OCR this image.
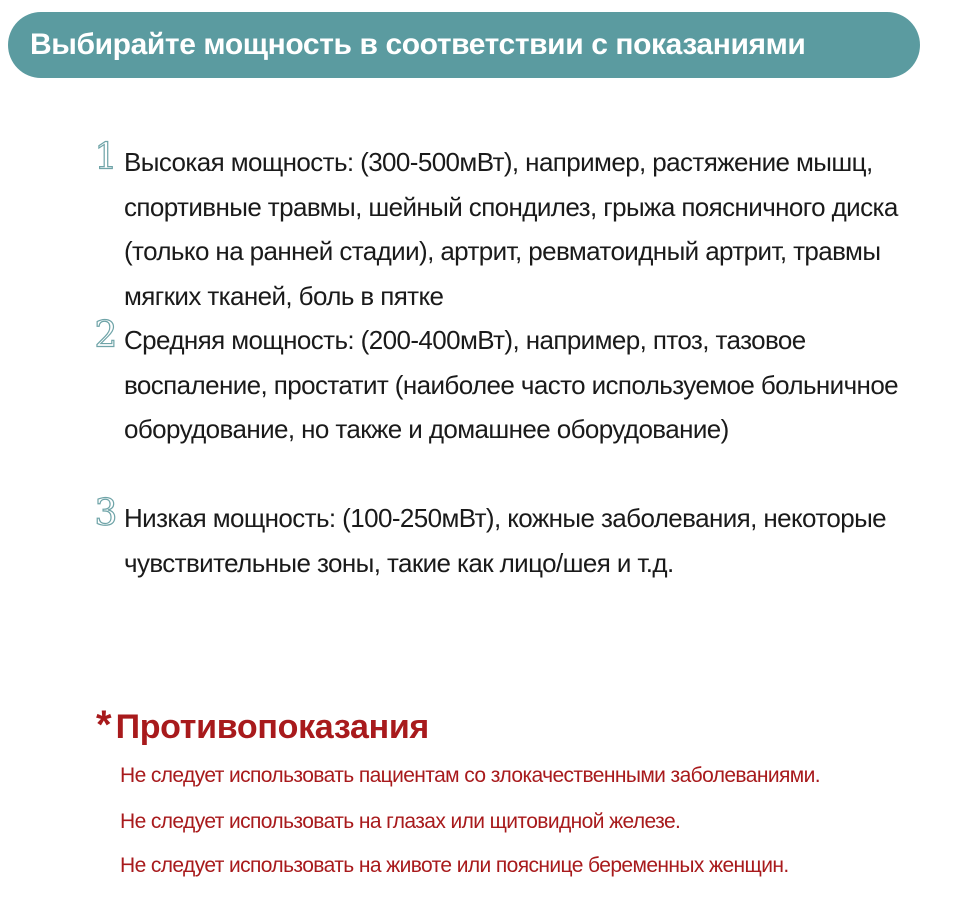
Выбирайте мощность в соответствии с показаниями
1 Высокая мощность: (300-500мВт), например, растяжение мышц, спортивные травмы, шейный спондилез, грыжа поясничного диска (только на ранней стадии), артрит, ревматоидный артрит, травмы мягких тканей, боль в пятке
2 Средняя мощность: (200-400мВт), например, птоз, тазовое воспаление, простатит (наиболее часто используемое больничное оборудование, но также и домашнее оборудование)
3 Низкая мощность: (100-250мВт), кожные заболевания, некоторые чувствительные зоны, такие как лицо/шея и т.д.
* Противопоказания
Не следует использовать пациентам со злокачественными заболеваниями.
Не следует использовать на глазах или щитовидной железе.
Не следует использовать на животе или пояснице беременных женщин.
